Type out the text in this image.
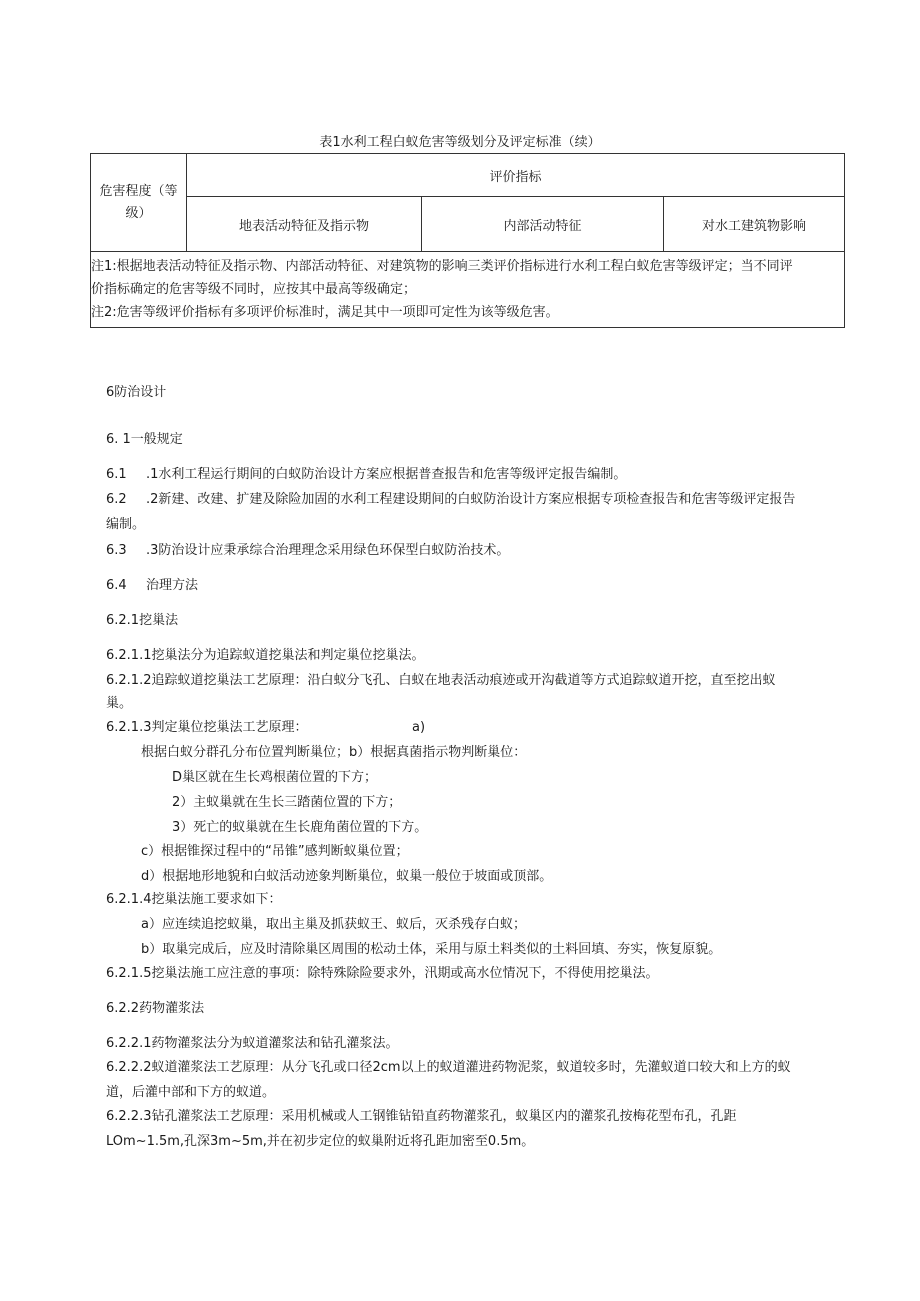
表1水利工程白蚁危害等级划分及评定标准（续）
危害程度（等
级）	评价指标		
	地表活动特征及指示物	内部活动特征	对水工建筑物影响

注1:根据地表活动特征及指示物、内部活动特征、对建筑物的影响三类评价指标进行水利工程白蚁危害等级评定；当不同评
价指标确定的危害等级不同时，应按其中最高等级确定；
注2:危害等级评价指标有多项评价标准时，满足其中一项即可定性为该等级危害。			
6防治设计
6. 1一般规定
6.1 .1水利工程运行期间的白蚁防治设计方案应根据普查报告和危害等级评定报告编制。
6.2 .2新建、改建、扩建及除险加固的水利工程建设期间的白蚁防治设计方案应根据专项检查报告和危害等级评定报告
编制。
6.3 .3防治设计应秉承综合治理理念采用绿色环保型白蚁防治技术。
6.4 治理方法
6.2.1挖巢法
6.2.1.1挖巢法分为追踪蚁道挖巢法和判定巢位挖巢法。
6.2.1.2追踪蚁道挖巢法工艺原理：沿白蚁分飞孔、白蚁在地表活动痕迹或开沟截道等方式追踪蚁道开挖，直至挖出蚁
巢。
6.2.1.3判定巢位挖巢法工艺原理：	a)
根据白蚁分群孔分布位置判断巢位；b）根据真菌指示物判断巢位：
D巢区就在生长鸡根菌位置的下方；
2）主蚁巢就在生长三踏菌位置的下方；
3）死亡的蚁巢就在生长鹿角菌位置的下方。
c）根据锥探过程中的“吊锥”感判断蚁巢位置；
d）根据地形地貌和白蚁活动迹象判断巢位，蚁巢一般位于坡面或顶部。
6.2.1.4挖巢法施工要求如下：
a）应连续追挖蚁巢，取出主巢及抓获蚁王、蚁后，灭杀残存白蚁；
b）取巢完成后，应及时清除巢区周围的松动土体，采用与原土料类似的土料回填、夯实，恢复原貌。
6.2.1.5挖巢法施工应注意的事项：除特殊除险要求外，汛期或高水位情况下，不得使用挖巢法。
6.2.2药物灌浆法
6.2.2.1药物灌浆法分为蚁道灌浆法和钻孔灌浆法。
6.2.2.2蚁道灌浆法工艺原理：从分飞孔或口径2cm以上的蚁道灌进药物泥浆，蚁道较多时，先灌蚁道口较大和上方的蚁
道，后灌中部和下方的蚁道。
6.2.2.3钻孔灌浆法工艺原理：采用机械或人工钢锥钻铅直药物灌浆孔，蚁巢区内的灌浆孔按梅花型布孔，孔距
LOm~1.5m,孔深3m~5m,并在初步定位的蚁巢附近将孔距加密至0.5m。
